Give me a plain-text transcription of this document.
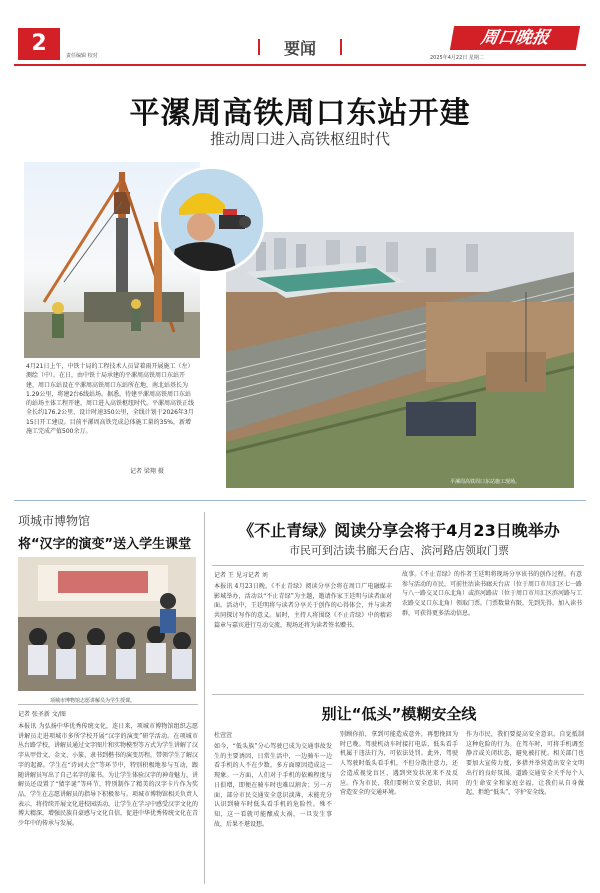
2	责任编辑 校对	要闻
周口晚报
2025年4月22日 星期二
平漯周高铁周口东站开建
推动周口进入高铁枢纽时代
平漯周高铁周口东站施工现场。
4月21日上午，中铁十局的工程技术人员冒着雨开展施工（左）测绘（中）。在日，由中铁十局承建的平漯周高铁周口东站开建，周口东站设在平漯周高铁周口东站所在地，南北站基长为1.29公里，将建2台6线站场。据悉，待建平漯周高铁周口东站的站场主体工程开建，周口进入高铁枢纽时代。平漯周高铁正线全长约176.2公里，设计时速350公里，全线计划于2026年3月15日开工建设。目前平漯周高铁完成总体施工量的35%，新增施工完成产值500余万。
记者 梁翔 摄
项城市博物馆
将“汉字的演变”送入学生课堂
项城市博物馆志愿讲解员为学生授课。
记者 张圣新 文/图
本报讯 为弘扬中华优秀传统文化，连日来，项城市博物馆组织志愿讲解员走进项城市多所学校开展“汉字的演变”研学活动。在项城市丛台路学校，讲解员通过文字图片和实物模型等方式为学生讲解了汉字从甲骨文、金文、小篆、隶书到楷书的演变历程，带领学生了解汉字的起源。学生在“诗词大会”等环节中，特别积极地参与互动，跟随讲解员写出了自己名字的篆书。为让学生体验汉字的神奇魅力，讲解员还设置了“猜字谜”等环节，特别制作了精美的汉字卡片作为奖品，学生在志愿讲解员的指导下积极参与。项城市博物馆相关负责人表示，将持续开展文化进校园活动，让学生在学习中感受汉字文化的博大精深，增强民族自豪感与文化自信，促进中华优秀传统文化在青少年中的传承与发展。
《不止青绿》阅读分享会将于4月23日晚举办
市民可到沽读书廊天台店、滨河路店领取门票
记者 王 见习记者 刘
本报讯 4月23日晚，《不止青绿》阅读分享会将在周口广电融媒丰影城举办，活动以“不止青绿”为主题，邀请作家王廷明与读者面对面。活动中，王廷明将与读者分享关于创作的心得体会，并与读者共同探讨写作的意义。届时，主持人将围绕《不止青绿》中的精彩篇章与嘉宾进行互动交流，现场还将为读者签名赠书。
故事。《不止青绿》的作者王廷明将现场分享该书的创作过程。有意参与活动的市民，可前往沽读书廊天台店（位于周口市川汇区七一路与八一路交叉口东北角）或滨河路店（位于周口市川汇区滨河路与工农路交叉口东北角）领取门票。门票数量有限，先到先得。加入读书群，可获得更多活动信息。
别让“低头”模糊安全线
杜萱萱
如今，“低头族”分心驾驶已成为交通事故发生的主要诱因，日常生活中，一边骑车一边看手机的人不在少数。多方面原因造成这一现象。一方面，人们对于手机的依赖程度与日俱增，即便在骑车时也难以割舍；另一方面，部分市民交通安全意识淡薄，未能充分认识到骑车时低头看手机的危险性。殊不知，这一看就可能酿成大祸，一旦发生事故，后果不堪设想。
别顾你拍，拿到可能造成意外，再想挽回为时已晚。驾驶机动车时接打电话、低头看手机属于违法行为，可依法处罚。此外，驾驶人驾驶时低头看手机，不但分散注意力，还会造成视觉盲区，遇到突发状况来不及反应。作为市民，我们要树立安全意识，共同营造安全的交通环境。
作为市民，我们要提高安全意识，自觉抵制这种危险的行为。在驾车时，可将手机调至静音或关闭状态，避免被打扰。相关部门也要加大宣传力度，多措并举营造出安全文明出行的良好氛围。道路交通安全关乎每个人的生命安全和家庭幸福，让我们从自身做起，拒绝“低头”，守护安全线。
